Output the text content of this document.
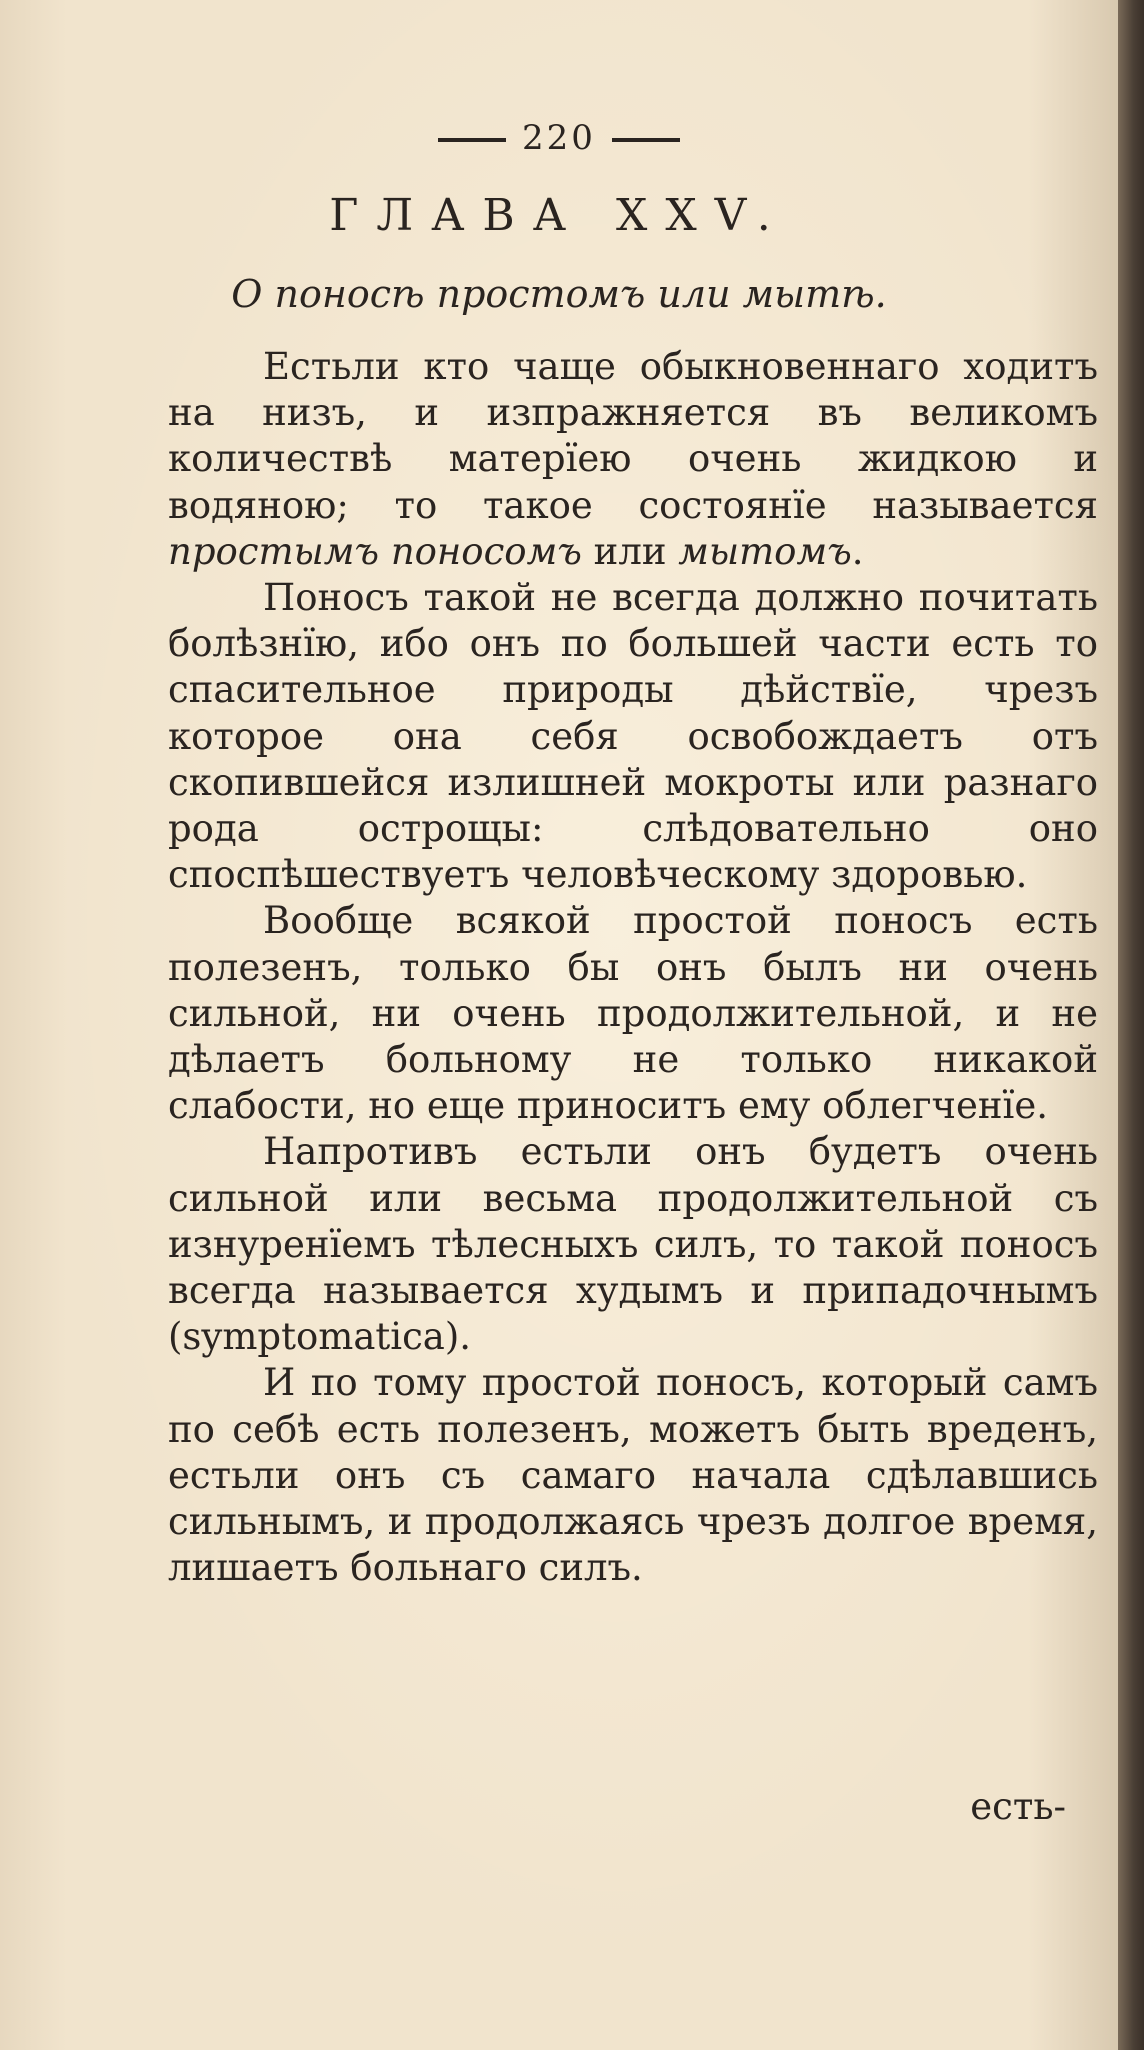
220
ГЛАВА XXV.
О поносѣ простомъ или мытѣ.

Естьли кто чаще обыкновеннаго ходитъ на низъ, и изпражняется въ великомъ количествѣ матерїею очень жидкою и водяною; то такое состоянїе называется простымъ поносомъ или мытомъ.

Поносъ такой не всегда должно почитать болѣзнїю, ибо онъ по большей части есть то спасительное природы дѣйствїе, чрезъ которое она себя освобождаетъ отъ скопившейся излишней мокроты или разнаго рода острощы: слѣдовательно оно споспѣшествуетъ человѣческому здоровью.

Вообще всякой простой поносъ есть полезенъ, только бы онъ былъ ни очень сильной, ни очень продолжительной, и не дѣлаетъ больному не только никакой слабости, но еще приноситъ ему облегченїе.

Напротивъ естьли онъ будетъ очень сильной или весьма продолжительной съ изнуренїемъ тѣлесныхъ силъ, то такой поносъ всегда называется худымъ и припадочнымъ (symptomatica).

И по тому простой поносъ, который самъ по себѣ есть полезенъ, можетъ быть вреденъ, естьли онъ съ самаго начала сдѣлавшись сильнымъ, и продолжаясь чрезъ долгое время, лишаетъ больнаго силъ.

есть-
